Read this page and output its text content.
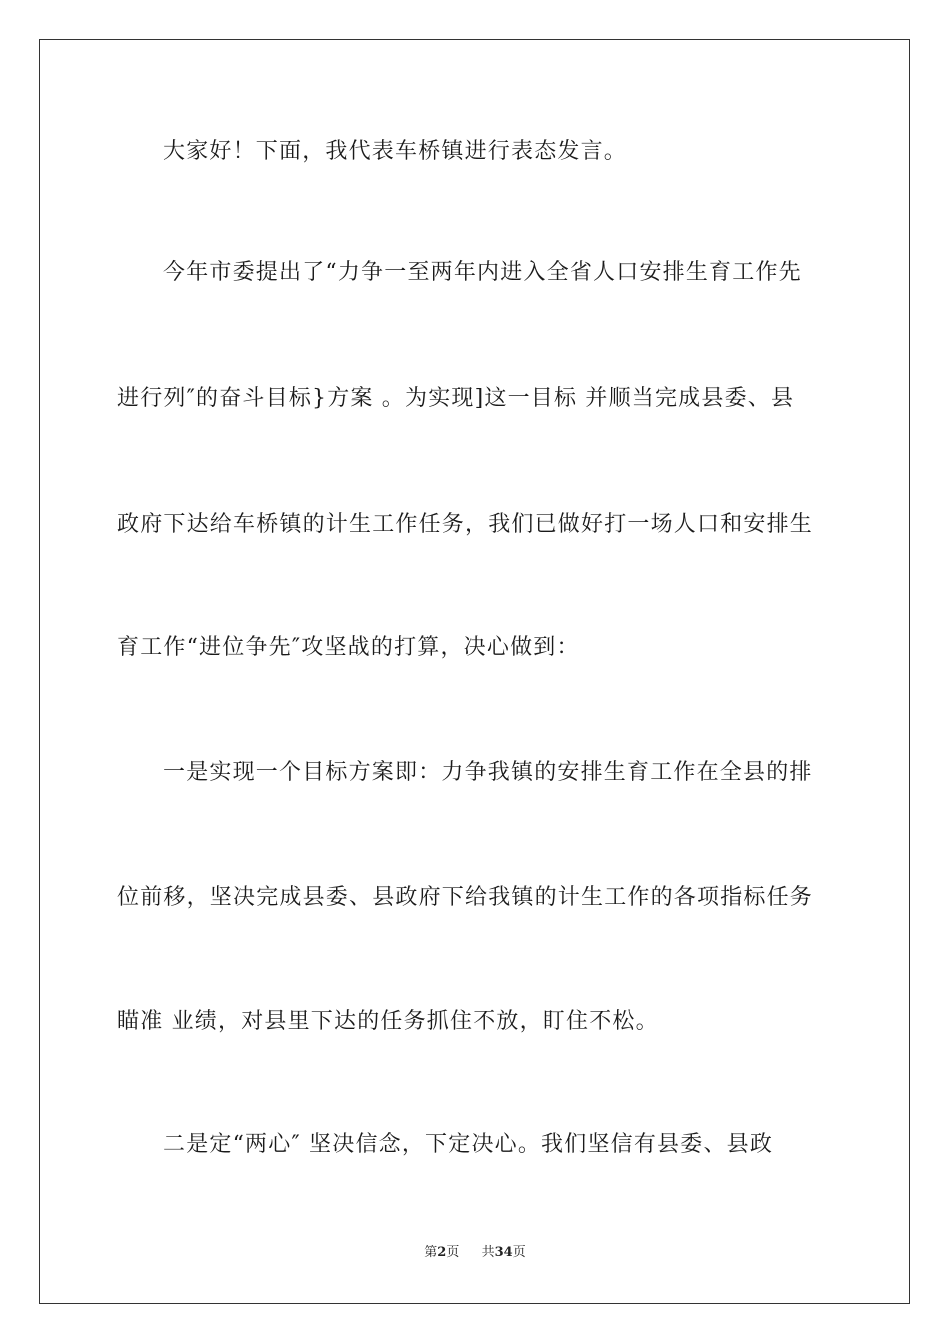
大家好！下面，我代表车桥镇进行表态发言。
今年市委提出了“力争一至两年内进入全省人口安排生育工作先
进行列″的奋斗目标}方案 。为实现]这一目标 并顺当完成县委、县
政府下达给车桥镇的计生工作任务，我们已做好打一场人口和安排生
育工作“进位争先″攻坚战的打算，决心做到：
一是实现一个目标方案即：力争我镇的安排生育工作在全县的排
位前移，坚决完成县委、县政府下给我镇的计生工作的各项指标任务
瞄准 业绩，对县里下达的任务抓住不放，盯住不松。
二是定“两心″ 坚决信念，下定决心。我们坚信有县委、县政
第2页 共34页
